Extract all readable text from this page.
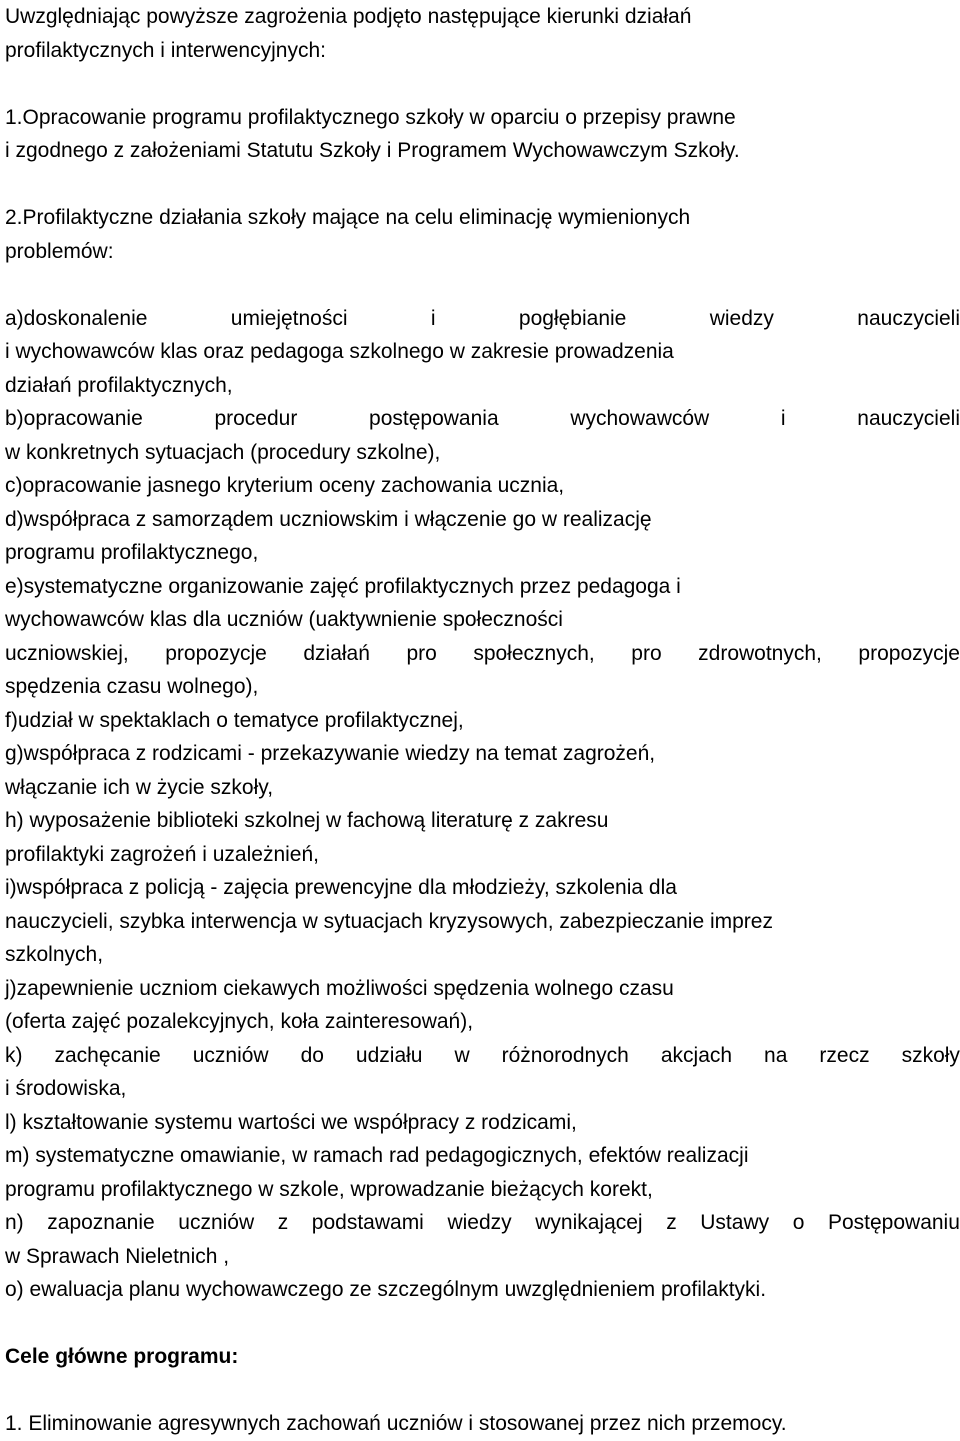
Uwzględniając powyższe zagrożenia podjęto następujące kierunki działań
profilaktycznych i interwencyjnych:
1.Opracowanie programu profilaktycznego szkoły w oparciu o przepisy prawne
i zgodnego z założeniami Statutu Szkoły i Programem Wychowawczym Szkoły.
2.Profilaktyczne działania szkoły mające na celu eliminację wymienionych
problemów:
a)doskonalenie	umiejętności	i	pogłębianie	wiedzy	nauczycieli
i wychowawców klas oraz pedagoga szkolnego w zakresie prowadzenia
działań profilaktycznych,
b)opracowanie	procedur	postępowania	wychowawców	i	nauczycieli
w konkretnych sytuacjach (procedury szkolne),
c)opracowanie jasnego kryterium oceny zachowania ucznia,
d)współpraca z samorządem uczniowskim i włączenie go w realizację
programu profilaktycznego,
e)systematyczne organizowanie zajęć profilaktycznych przez pedagoga i
wychowawców klas dla uczniów (uaktywnienie społeczności
uczniowskiej, propozycje działań pro społecznych, pro zdrowotnych, propozycje
spędzenia czasu wolnego),
f)udział w spektaklach o tematyce profilaktycznej,
g)współpraca z rodzicami - przekazywanie wiedzy na temat zagrożeń,
włączanie ich w życie szkoły,
h) wyposażenie biblioteki szkolnej w fachową literaturę z zakresu
profilaktyki zagrożeń i uzależnień,
i)współpraca z policją - zajęcia prewencyjne dla młodzieży, szkolenia dla
nauczycieli, szybka interwencja w sytuacjach kryzysowych, zabezpieczanie imprez
szkolnych,
j)zapewnienie uczniom ciekawych możliwości spędzenia wolnego czasu
(oferta zajęć pozalekcyjnych, koła zainteresowań),
k) zachęcanie uczniów do udziału w różnorodnych akcjach na rzecz szkoły
i środowiska,
l) kształtowanie systemu wartości we współpracy z rodzicami,
m) systematyczne omawianie, w ramach rad pedagogicznych, efektów realizacji
programu profilaktycznego w szkole, wprowadzanie bieżących korekt,
n) zapoznanie uczniów z podstawami wiedzy wynikającej z Ustawy o Postępowaniu
w Sprawach Nieletnich ,
o) ewaluacja planu wychowawczego ze szczególnym uwzględnieniem profilaktyki.
Cele główne programu:
1. Eliminowanie agresywnych zachowań uczniów i stosowanej przez nich przemocy.
